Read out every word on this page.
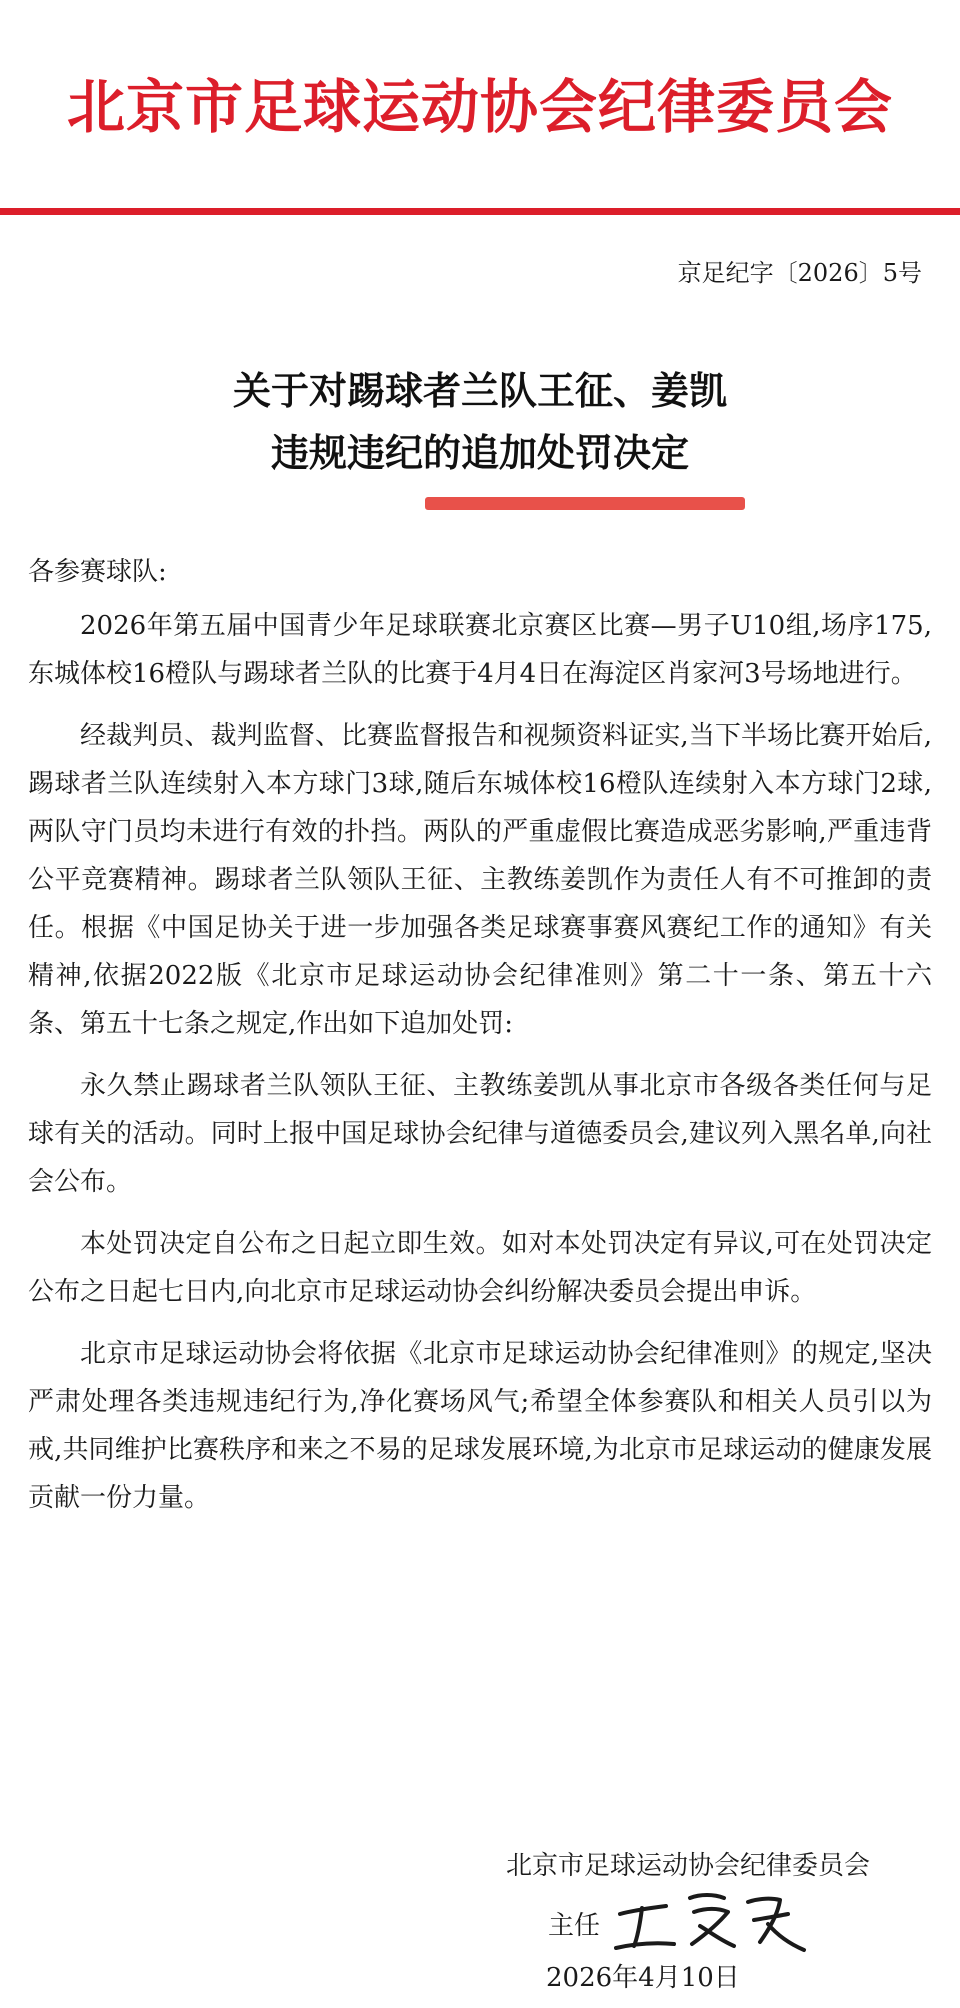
北京市足球运动协会纪律委员会
京足纪字〔2026〕5号
关于对踢球者兰队王征、姜凯
违规违纪的追加处罚决定

各参赛球队:

2026年第五届中国青少年足球联赛北京赛区比赛—男子U10组,场序175,东城体校16橙队与踢球者兰队的比赛于4月4日在海淀区肖家河3号场地进行。

经裁判员、裁判监督、比赛监督报告和视频资料证实,当下半场比赛开始后,踢球者兰队连续射入本方球门3球,随后东城体校16橙队连续射入本方球门2球,两队守门员均未进行有效的扑挡。两队的严重虚假比赛造成恶劣影响,严重违背公平竞赛精神。踢球者兰队领队王征、主教练姜凯作为责任人有不可推卸的责任。根据《中国足协关于进一步加强各类足球赛事赛风赛纪工作的通知》有关精神,依据2022版《北京市足球运动协会纪律准则》第二十一条、第五十六条、第五十七条之规定,作出如下追加处罚:

永久禁止踢球者兰队领队王征、主教练姜凯从事北京市各级各类任何与足球有关的活动。同时上报中国足球协会纪律与道德委员会,建议列入黑名单,向社会公布。

本处罚决定自公布之日起立即生效。如对本处罚决定有异议,可在处罚决定公布之日起七日内,向北京市足球运动协会纠纷解决委员会提出申诉。

北京市足球运动协会将依据《北京市足球运动协会纪律准则》的规定,坚决严肃处理各类违规违纪行为,净化赛场风气;希望全体参赛队和相关人员引以为戒,共同维护比赛秩序和来之不易的足球发展环境,为北京市足球运动的健康发展贡献一份力量。

北京市足球运动协会纪律委员会
主任
2026年4月10日
